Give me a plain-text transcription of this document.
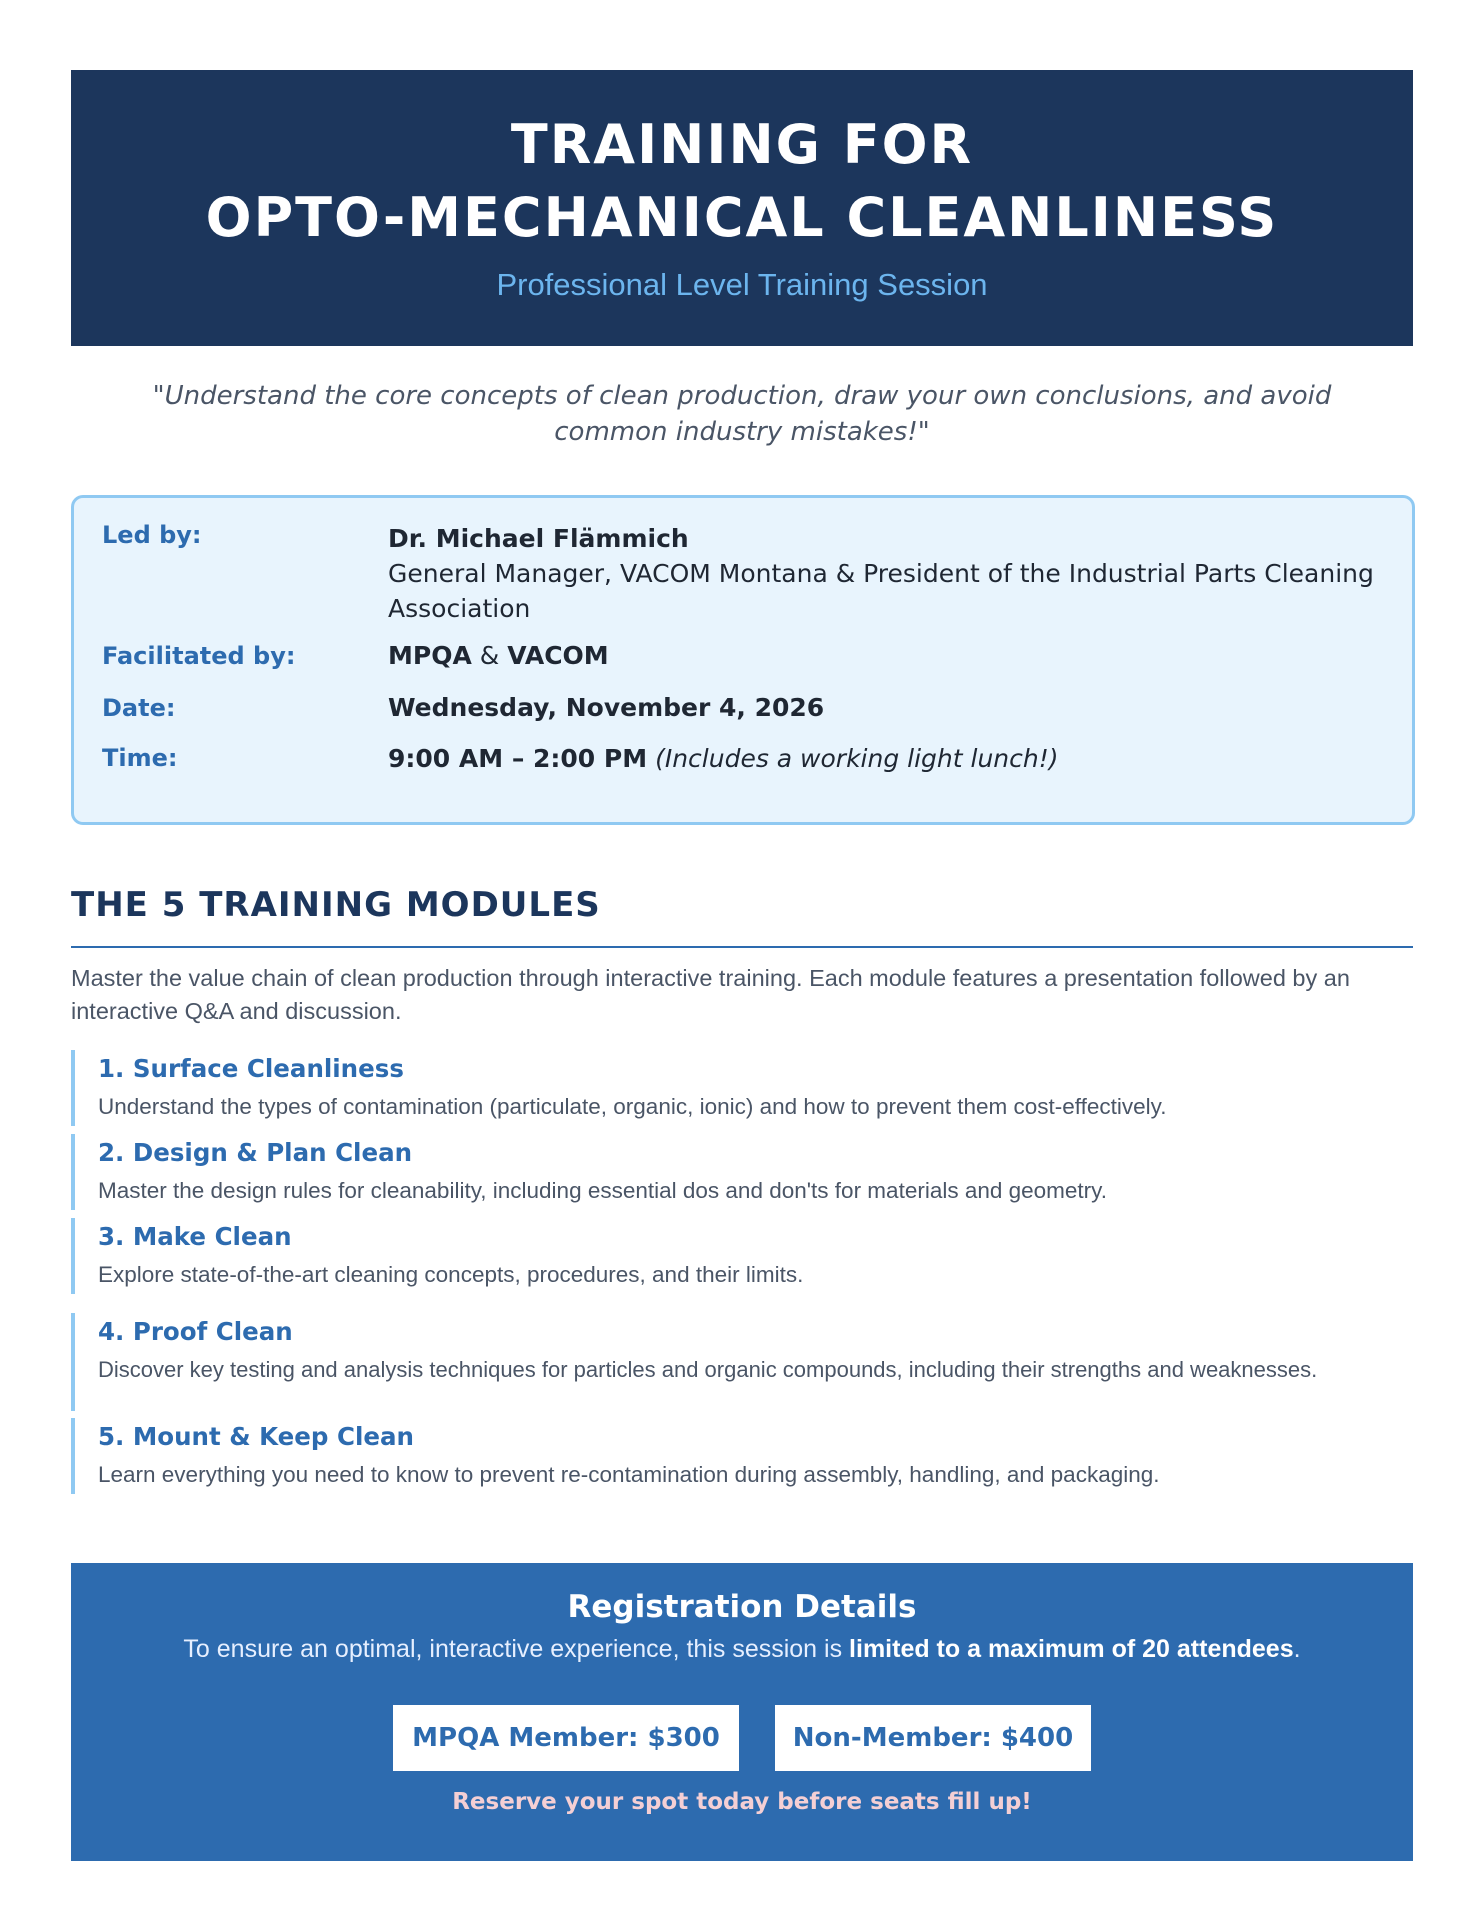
TRAINING FOR
OPTO-MECHANICAL CLEANLINESS
Professional Level Training Session
"Understand the core concepts of clean production, draw your own conclusions, and avoid common industry mistakes!"
Led by:	Dr. Michael Flämmich
General Manager, VACOM Montana & President of the Industrial Parts Cleaning Association
Facilitated by:	MPQA & VACOM
Date:	Wednesday, November 4, 2026
Time:	9:00 AM – 2:00 PM (Includes a working light lunch!)
THE 5 TRAINING MODULES
Master the value chain of clean production through interactive training. Each module features a presentation followed by an interactive Q&A and discussion.
1. Surface Cleanliness
Understand the types of contamination (particulate, organic, ionic) and how to prevent them cost-effectively.
2. Design & Plan Clean
Master the design rules for cleanability, including essential dos and don'ts for materials and geometry.
3. Make Clean
Explore state-of-the-art cleaning concepts, procedures, and their limits.
4. Proof Clean
Discover key testing and analysis techniques for particles and organic compounds, including their strengths and weaknesses.
5. Mount & Keep Clean
Learn everything you need to know to prevent re-contamination during assembly, handling, and packaging.
Registration Details
To ensure an optimal, interactive experience, this session is limited to a maximum of 20 attendees.
MPQA Member: $300	Non-Member: $400
Reserve your spot today before seats fill up!
